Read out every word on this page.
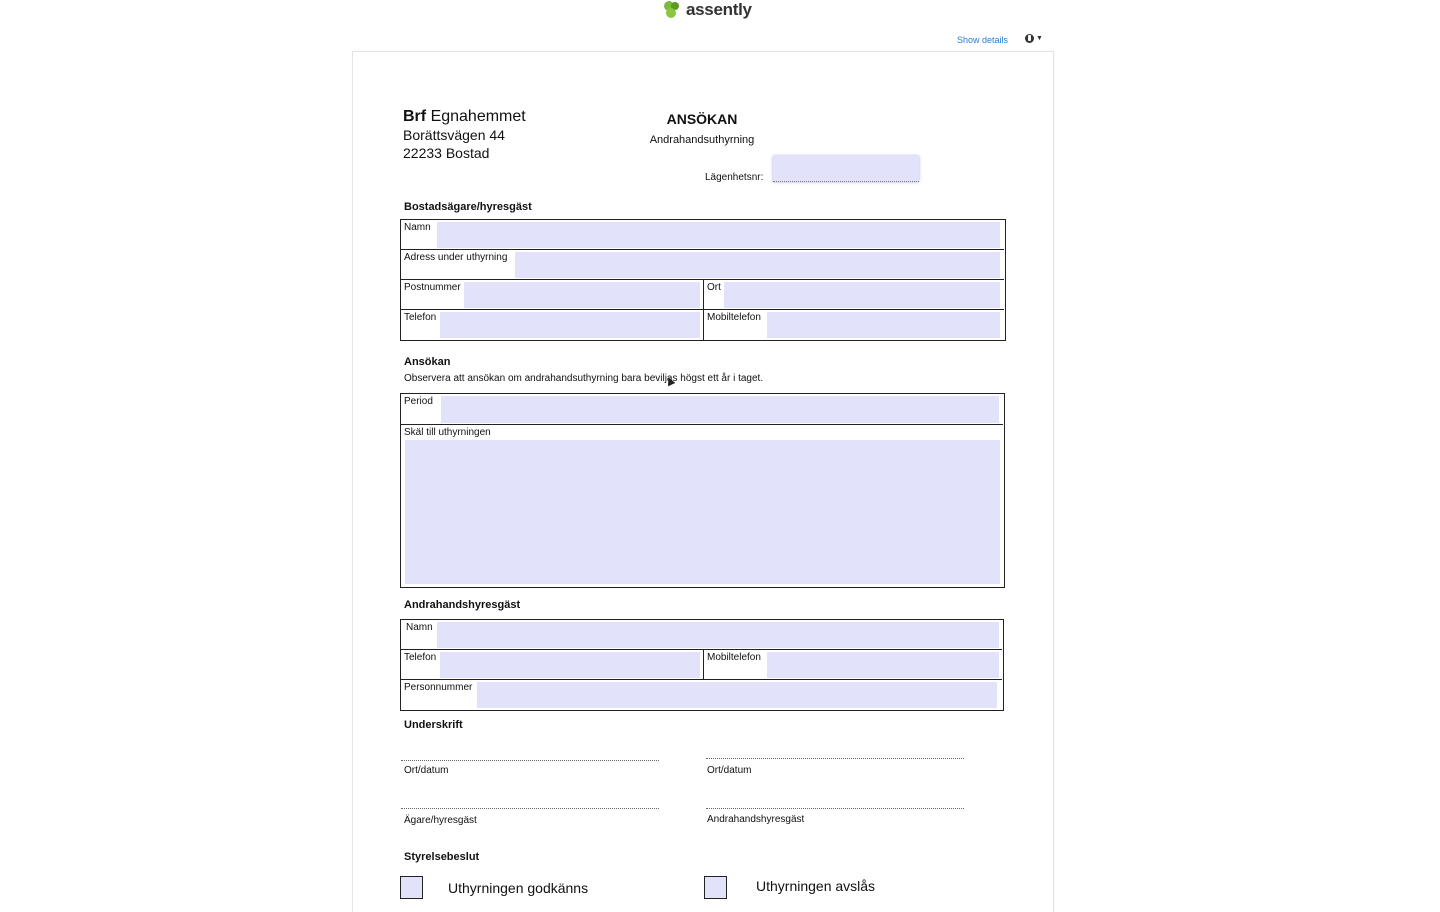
assently
Show details	▼
Brf Egnahemmet
Borättsvägen 44
22233 Bostad
ANSÖKAN
Andrahandsuthyrning
Lägenhetsnr:
Bostadsägare/hyresgäst
Namn
Adress under uthyrning
Postnummer	Ort
Telefon	Mobiltelefon
Ansökan
Observera att ansökan om andrahandsuthyrning bara beviljas högst ett år i taget.
Period
Skäl till uthyrningen
Andrahandshyresgäst
Namn
Telefon	Mobiltelefon
Personnummer
Underskrift
Ort/datum	Ort/datum
Ägare/hyresgäst	Andrahandshyresgäst
Styrelsebeslut
Uthyrningen godkänns	Uthyrningen avslås
